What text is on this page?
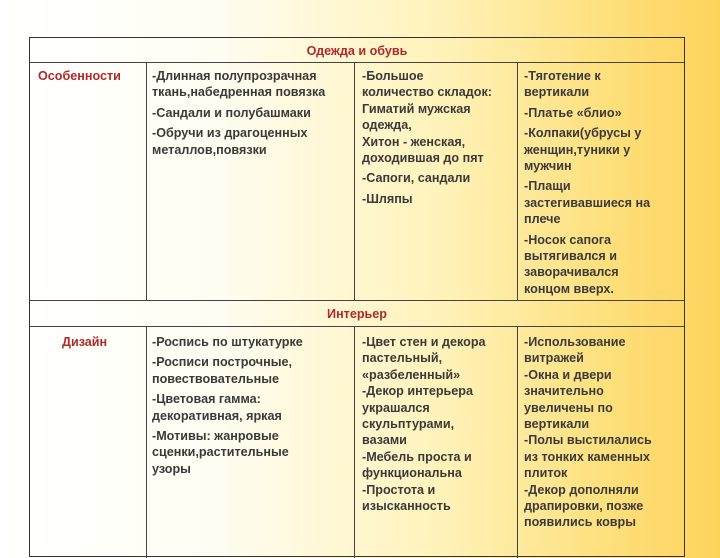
Одежда и обувь
Особенности -Длинная полупрозрачная
ткань,набедренная повязка
-Сандали и полубашмаки
-Обручи из драгоценных
металлов,повязки
-Большое
количество складок:
Гиматий мужская
одежда,
Хитон - женская,
доходившая до пят
-Сапоги, сандали
-Шляпы
-Тяготение к
вертикали
-Платье «блио»
-Колпаки(убрусы у
женщин,туники у
мужчин
-Плащи
застегивавшиеся на
плече
-Носок сапога
вытягивался и
заворачивался
концом вверх.
Интерьер
Дизайн	-Роспись по штукатурке
-Росписи построчные,
повествовательные
-Цветовая гамма:
декоративная, яркая
-Мотивы: жанровые
сценки,растительные
узоры
-Цвет стен и декора
пастельный,
«разбеленный»
-Декор интерьера
украшался
скульптурами,
вазами
-Мебель проста и
функциональна
-Простота и
изысканность
-Использование
витражей
-Окна и двери
значительно
увеличены по
вертикали
-Полы выстилались
из тонких каменных
плиток
-Декор дополняли
драпировки, позже
появились ковры
